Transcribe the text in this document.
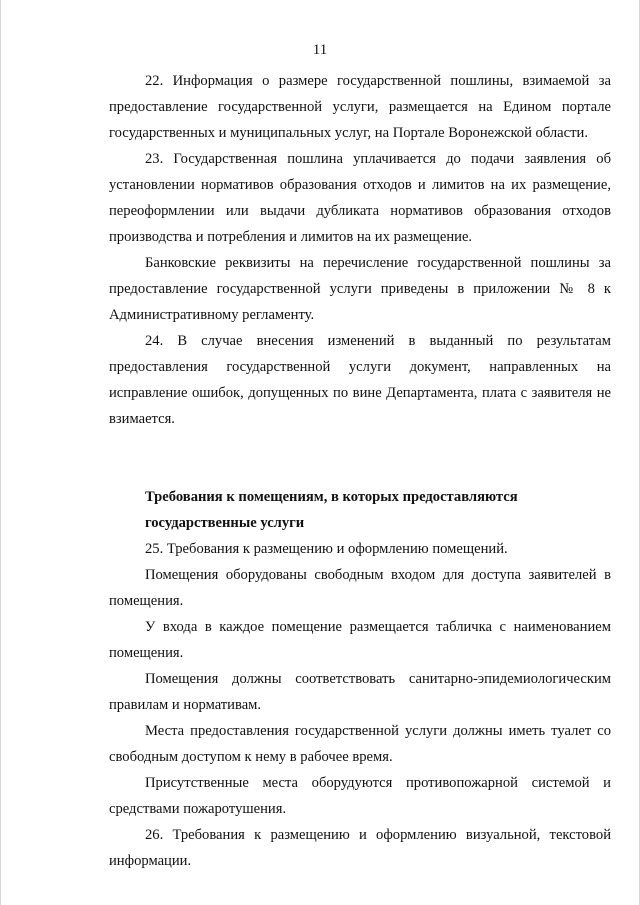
11

22. Информация о размере государственной пошлины, взимаемой за предоставление государственной услуги, размещается на Едином портале государственных и муниципальных услуг, на Портале Воронежской области.

23. Государственная пошлина уплачивается до подачи заявления об установлении нормативов образования отходов и лимитов на их размещение, переоформлении или выдачи дубликата нормативов образования отходов производства и потребления и лимитов на их размещение.

Банковские реквизиты на перечисление государственной пошлины за предоставление государственной услуги приведены в приложении № 8 к Административному регламенту.

24. В случае внесения изменений в выданный по результатам предоставления государственной услуги документ, направленных на исправление ошибок, допущенных по вине Департамента, плата с заявителя не взимается.

Требования к помещениям, в которых предоставляются

государственные услуги

25. Требования к размещению и оформлению помещений.

Помещения оборудованы свободным входом для доступа заявителей в помещения.

У входа в каждое помещение размещается табличка с наименованием помещения.

Помещения должны соответствовать санитарно-эпидемиологическим правилам и нормативам.

Места предоставления государственной услуги должны иметь туалет со свободным доступом к нему в рабочее время.

Присутственные места оборудуются противопожарной системой и средствами пожаротушения.

26. Требования к размещению и оформлению визуальной, текстовой информации.
